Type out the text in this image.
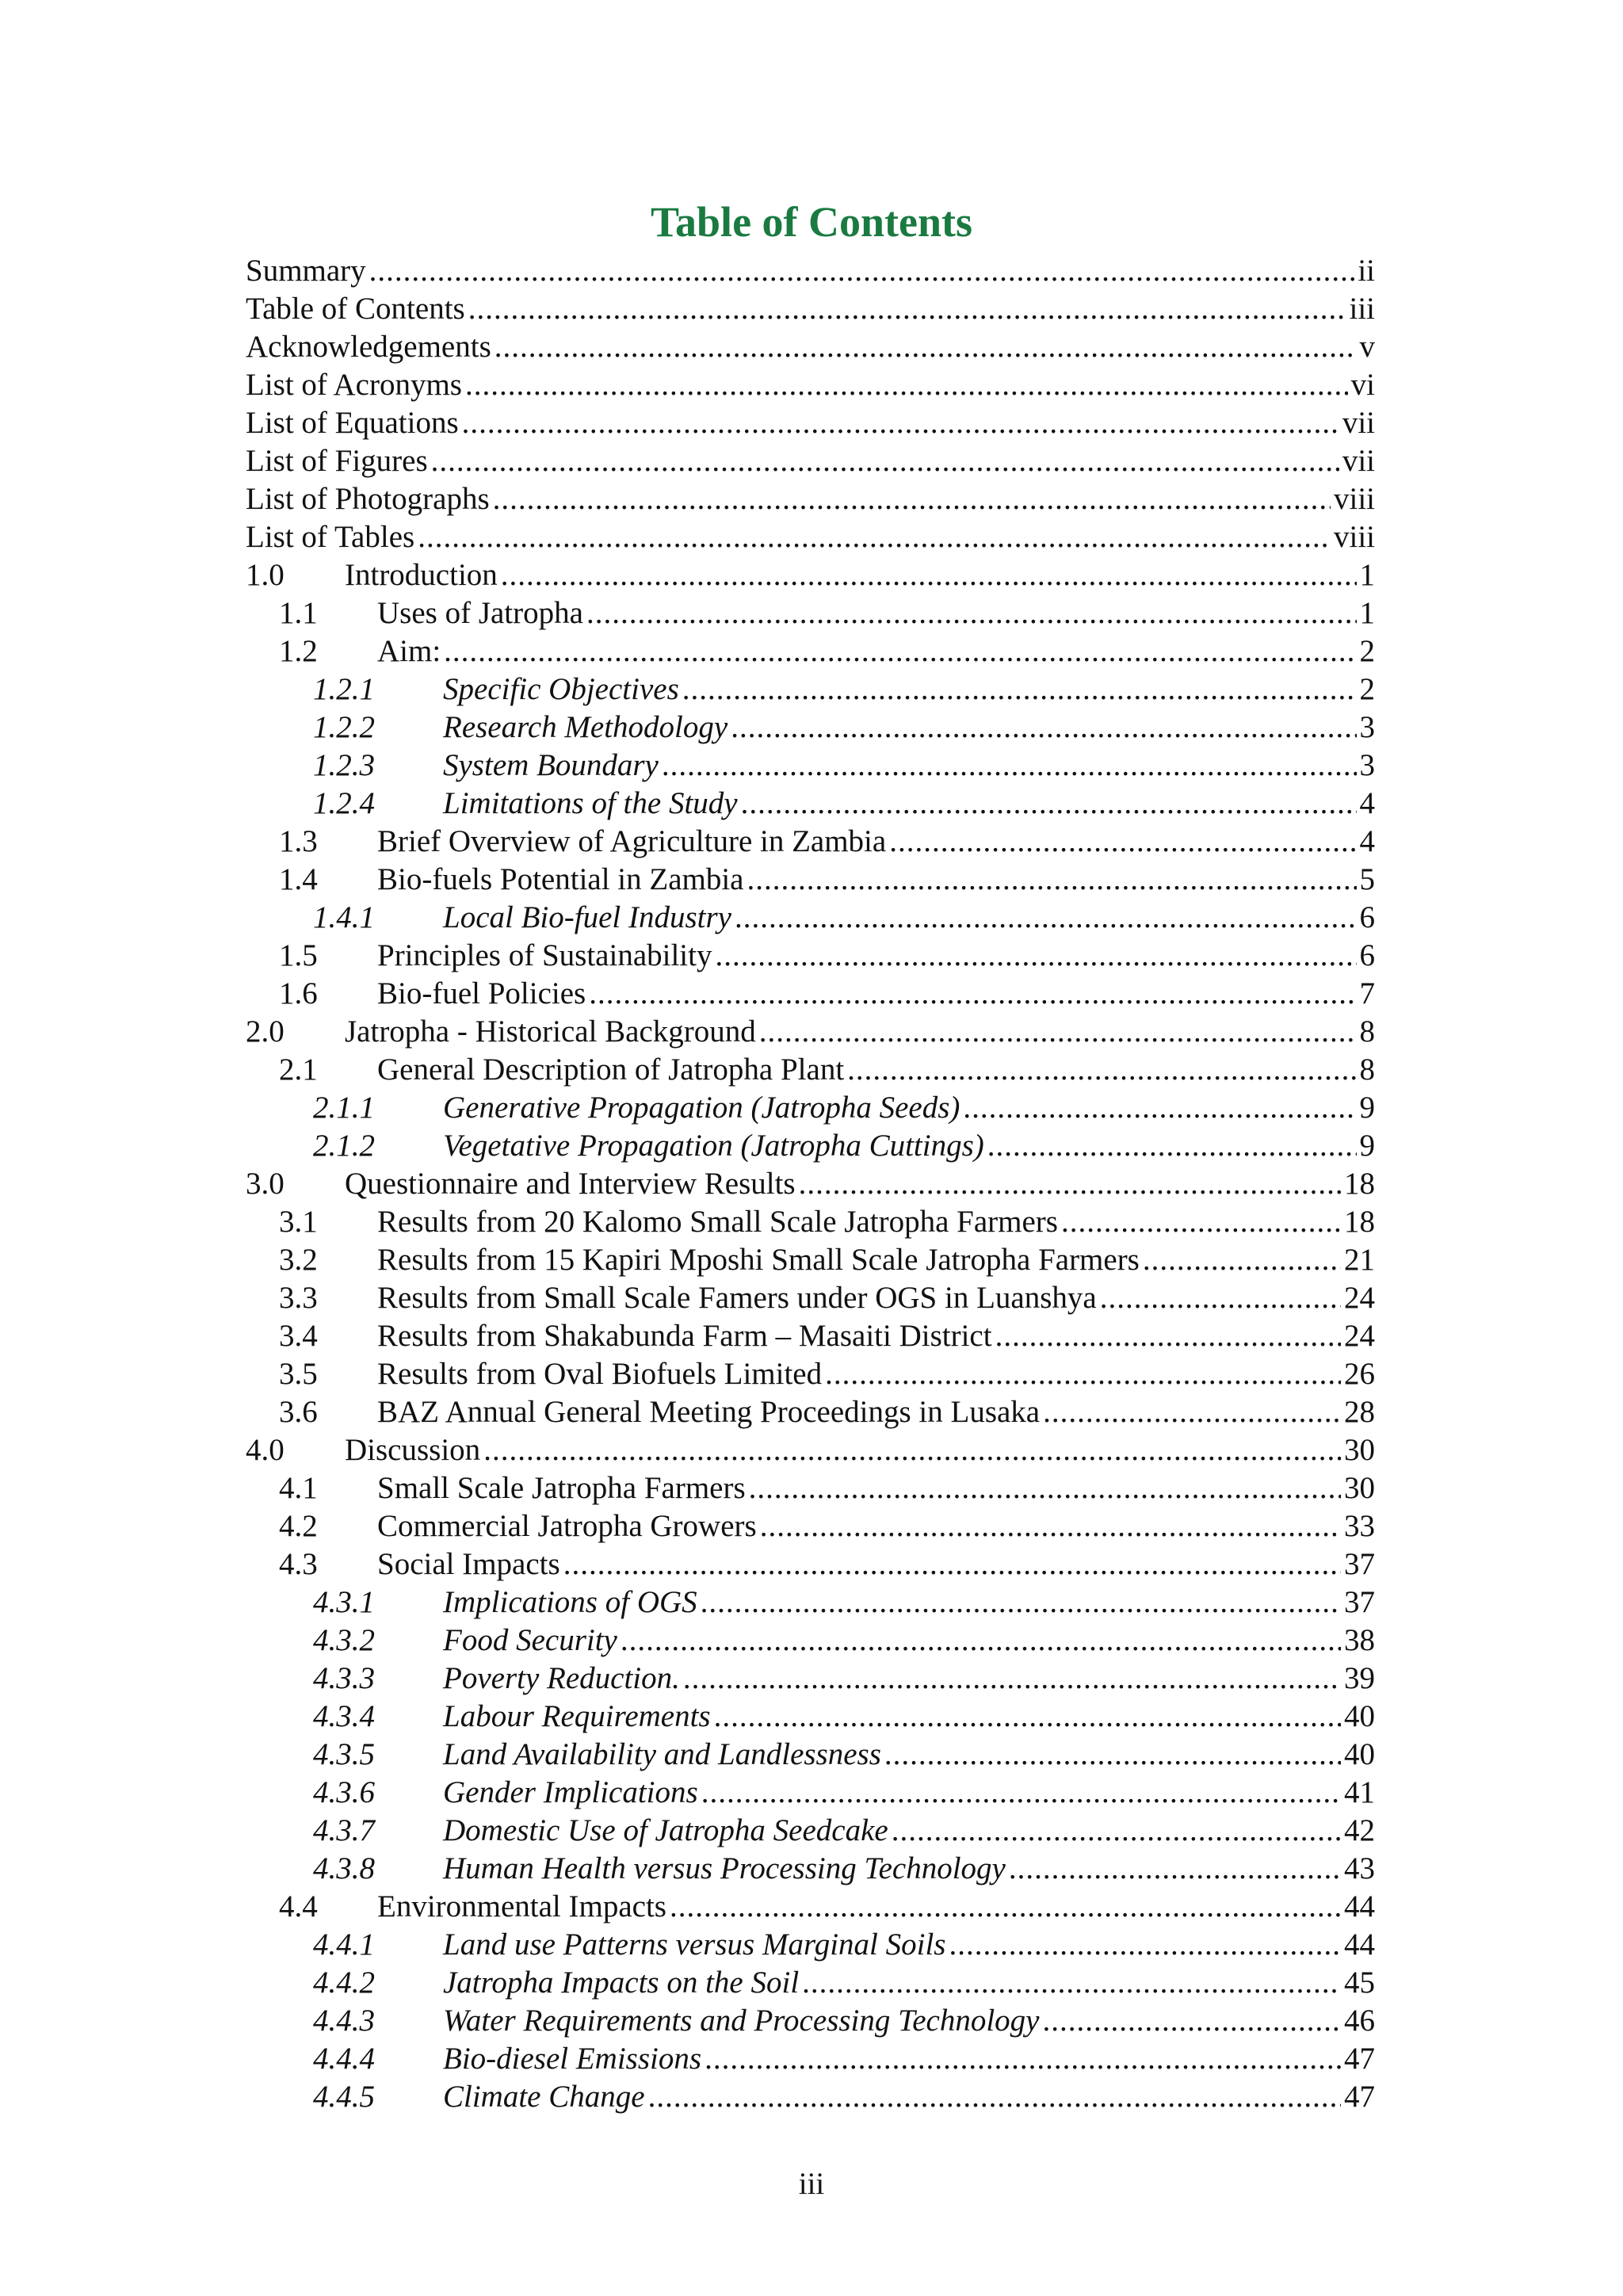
Table of Contents
Summary .....	ii
Table of Contents .....	iii
Acknowledgements .....	v
List of Acronyms .....	vi
List of Equations .....	vii
List of Figures .....	vii
List of Photographs .....	viii
List of Tables .....	viii
1.0	Introduction .....	1
1.1	Uses of Jatropha .....	1
1.2	Aim: .....	2
1.2.1	Specific Objectives .....	2
1.2.2	Research Methodology .....	3
1.2.3	System Boundary .....	3
1.2.4	Limitations of the Study .....	4
1.3	Brief Overview of Agriculture in Zambia .....	4
1.4	Bio-fuels Potential in Zambia .....	5
1.4.1	Local Bio-fuel Industry .....	6
1.5	Principles of Sustainability .....	6
1.6	Bio-fuel Policies .....	7
2.0	Jatropha - Historical Background .....	8
2.1	General Description of Jatropha Plant .....	8
2.1.1	Generative Propagation (Jatropha Seeds) .....	9
2.1.2	Vegetative Propagation (Jatropha Cuttings) .....	9
3.0	Questionnaire and Interview Results .....	18
3.1	Results from 20 Kalomo Small Scale Jatropha Farmers .....	18
3.2	Results from 15 Kapiri Mposhi Small Scale Jatropha Farmers .....	21
3.3	Results from Small Scale Famers under OGS in Luanshya .....	24
3.4	Results from Shakabunda Farm – Masaiti District .....	24
3.5	Results from Oval Biofuels Limited .....	26
3.6	BAZ Annual General Meeting Proceedings in Lusaka .....	28
4.0	Discussion .....	30
4.1	Small Scale Jatropha Farmers .....	30
4.2	Commercial Jatropha Growers .....	33
4.3	Social Impacts .....	37
4.3.1	Implications of OGS .....	37
4.3.2	Food Security .....	38
4.3.3	Poverty Reduction. .....	39
4.3.4	Labour Requirements .....	40
4.3.5	Land Availability and Landlessness .....	40
4.3.6	Gender Implications .....	41
4.3.7	Domestic Use of Jatropha Seedcake .....	42
4.3.8	Human Health versus Processing Technology .....	43
4.4	Environmental Impacts .....	44
4.4.1	Land use Patterns versus Marginal Soils .....	44
4.4.2	Jatropha Impacts on the Soil .....	45
4.4.3	Water Requirements and Processing Technology .....	46
4.4.4	Bio-diesel Emissions .....	47
4.4.5	Climate Change .....	47
iii
